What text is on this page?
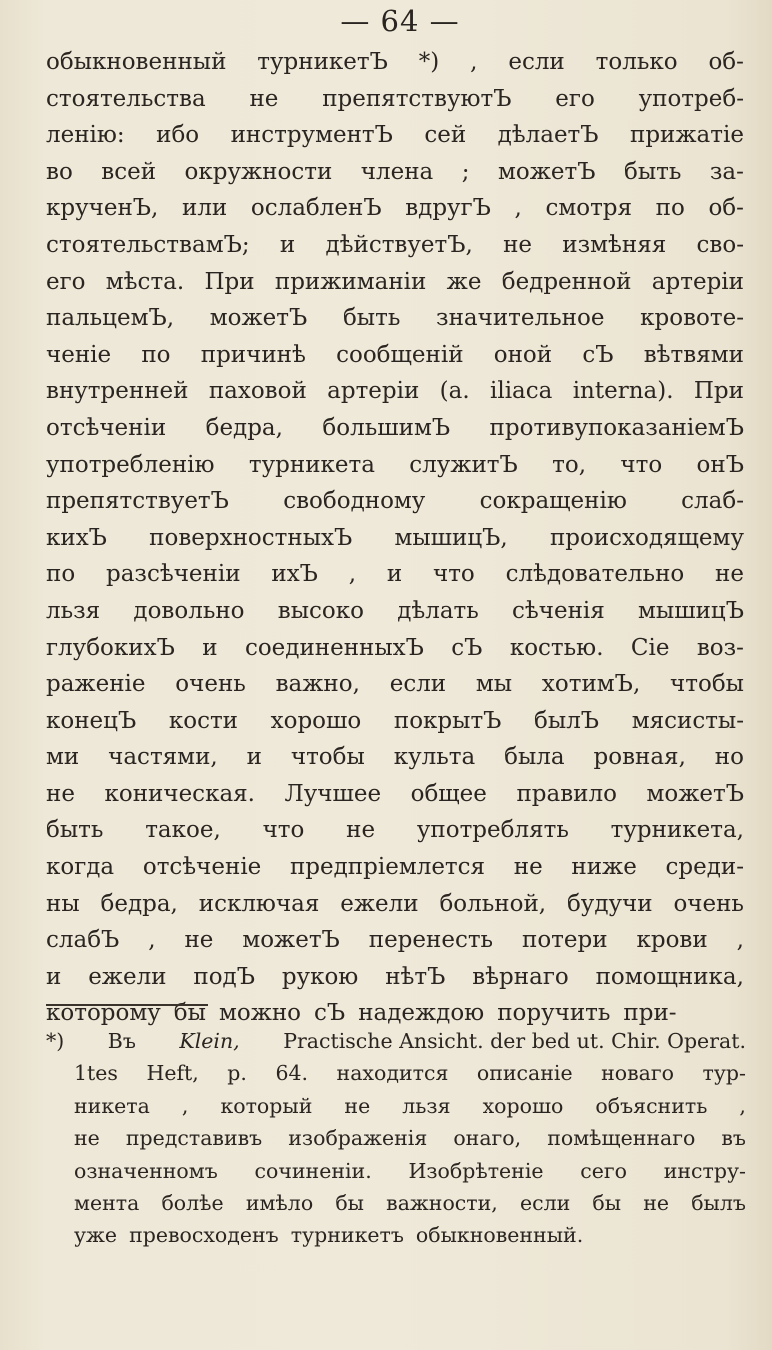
— 64 —
обыкновенный турникетЪ *) , если только об-
стоятельства не препятствуютЪ его употреб-
ленію: ибо инструментЪ сей дѣлаетЪ прижатіе
во всей окружности члена ; можетЪ быть за-
крученЪ, или ослабленЪ вдругЪ , смотря по об-
стоятельствамЪ; и дѣйствуетЪ, не измѣняя сво-
его мѣста. При прижиманіи же бедренной артеріи
пальцемЪ, можетЪ быть значительное кровотe-
ченіе по причинѣ сообщеній оной сЪ вѣтвями
внутренней паховой артеріи (a. iliaca interna). При
отсѣченіи бедра, большимЪ противупоказаніемЪ
употребленію турникета служитЪ то, что онЪ
препятствуетЪ свободному сокращенію слаб-
кихЪ поверхностныхЪ мышицЪ, происходящему
по разсѣченіи ихЪ , и что слѣдовательно не
льзя довольно высоко дѣлать сѣченія мышицЪ
глубокихЪ и соединенныхЪ сЪ костью. Сіе воз-
раженіе очень важно, если мы хотимЪ, чтобы
конецЪ кости хорошо покрытЪ былЪ мясисты-
ми частями, и чтобы культа была ровная, но
не коническая. Лучшее общее правило можетЪ
быть такое, что не употреблять турникета,
когда отсѣченіе предпріемлется не ниже среди-
ны бедра, исключая ежели больной, будучи очень
слабЪ , не можетЪ перенесть потери крови ,
и ежели подЪ рукою нѣтЪ вѣрнаго помощника,
которому бы можно сЪ надеждою поручить при-
*) Въ Klein, Practische Ansicht. der bed ut. Chir. Operat.
1tes Heft, p. 64. находится описаніе новаго тур-
никета , который не льзя хорошо объяснить ,
не представивъ изображенія онаго, помѣщеннаго въ
означенномъ сочиненіи. Изобрѣтеніе сего инстру-
мента болѣе имѣло бы важности, если бы не былъ
уже превосходенъ турникетъ обыкновенный.
